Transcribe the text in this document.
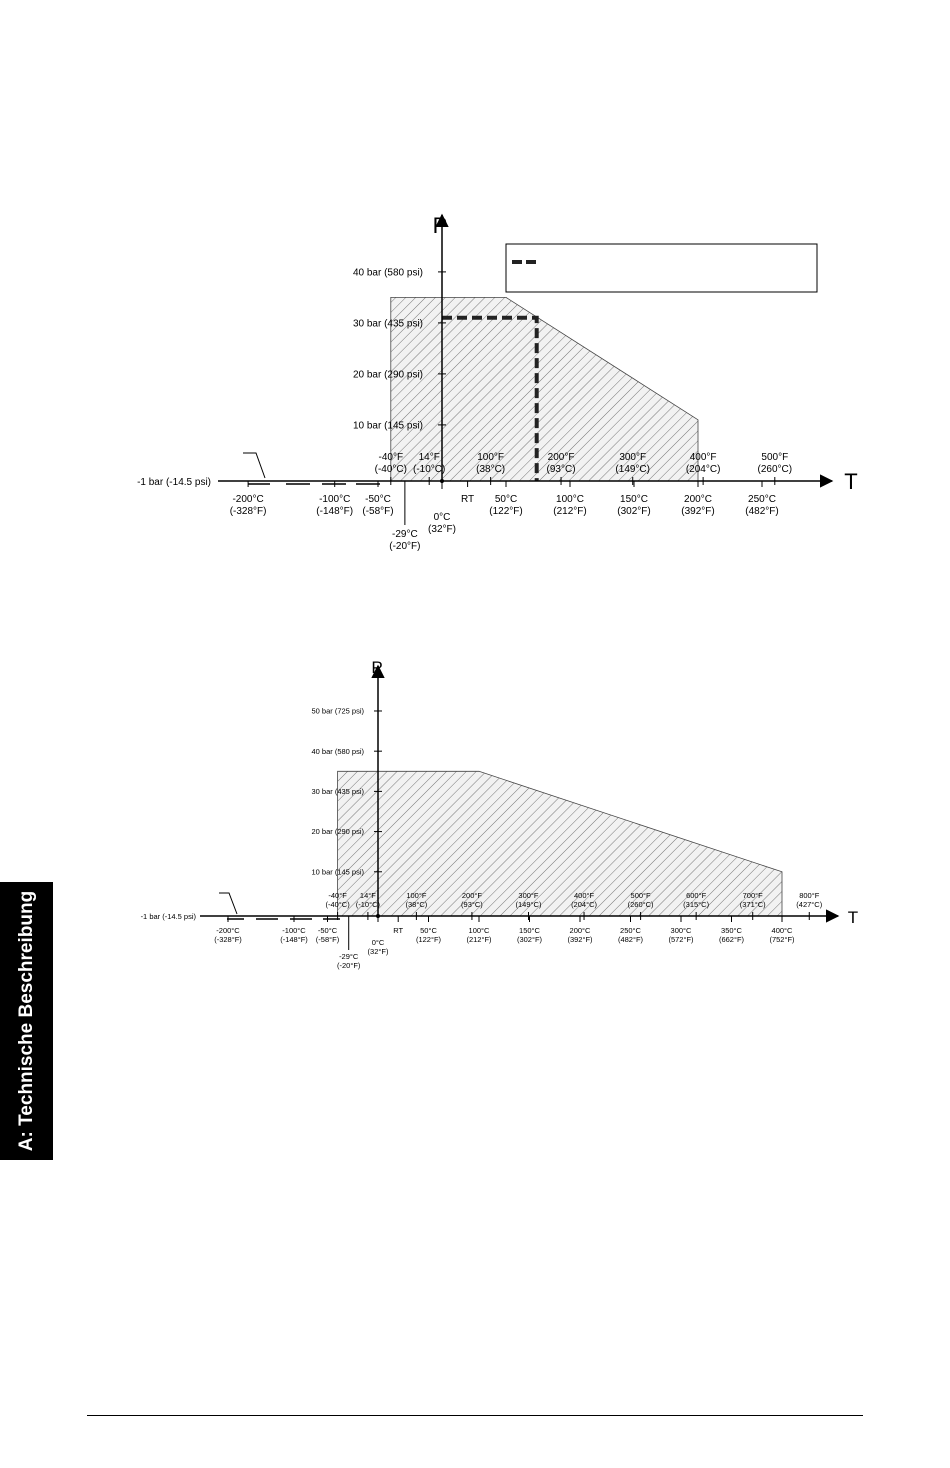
A: Technische Beschreibung
P
T
-1 bar (-14.5 psi)
40 bar (580 psi)
30 bar (435 psi)
20 bar (290 psi)
10 bar (145 psi)
-200°C (-328°F)
-100°C (-148°F)
-50°C (-58°F)
-29°C (-20°F)
0°C (32°F)
RT	50°C (122°F)
100°C (212°F)
150°C (302°F)
200°C (392°F)
250°C (482°F)
-40°F (-40°C)
14°F (-10°C)
100°F (38°C)
200°F (93°C)
300°F (149°C)
400°F (204°C)
500°F (260°C)
P
T
-1 bar (-14.5 psi)
50 bar (725 psi)
40 bar (580 psi)
30 bar (435 psi)
20 bar (290 psi)
10 bar (145 psi)
-200°C (-328°F)
-100°C (-148°F)
-50°C (-58°F)
-29°C (-20°F)
0°C (32°F)
RT	50°C (122°F)
100°C (212°F)
150°C (302°F)
200°C (392°F)
250°C (482°F)
300°C (572°F)
350°C (662°F)
400°C (752°F)
-40°F (-40°C)
14°F (-10°C)
100°F (38°C)
200°F (93°C)
300°F (149°C)
400°F (204°C)
500°F (260°C)
600°F (315°C)
700°F (371°C)
800°F (427°C)
